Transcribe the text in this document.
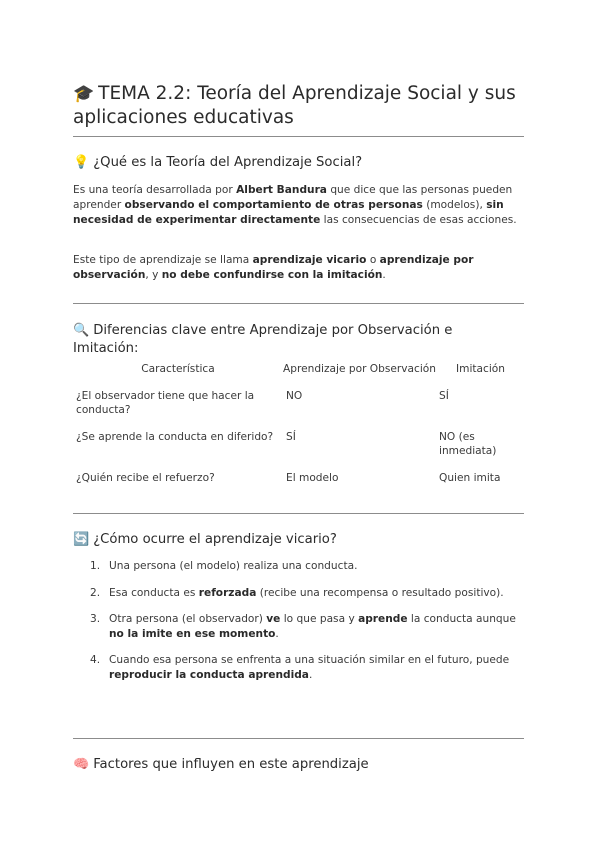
🎓 TEMA 2.2: Teoría del Aprendizaje Social y sus aplicaciones educativas
💡 ¿Qué es la Teoría del Aprendizaje Social?

Es una teoría desarrollada por Albert Bandura que dice que las personas pueden aprender observando el comportamiento de otras personas (modelos), sin necesidad de experimentar directamente las consecuencias de esas acciones.

Este tipo de aprendizaje se llama aprendizaje vicario o aprendizaje por observación, y no debe confundirse con la imitación.

🔍 Diferencias clave entre Aprendizaje por Observación e Imitación:
Característica	Aprendizaje por Observación	Imitación
¿El observador tiene que hacer la conducta?	NO	SÍ
¿Se aprende la conducta en diferido?	SÍ	NO (es inmediata)
¿Quién recibe el refuerzo?	El modelo	Quien imita
🔄 ¿Cómo ocurre el aprendizaje vicario?
1. Una persona (el modelo) realiza una conducta.
2. Esa conducta es reforzada (recibe una recompensa o resultado positivo).
3. Otra persona (el observador) ve lo que pasa y aprende la conducta aunque no la imite en ese momento.
4. Cuando esa persona se enfrenta a una situación similar en el futuro, puede reproducir la conducta aprendida.
🧠 Factores que influyen en este aprendizaje
